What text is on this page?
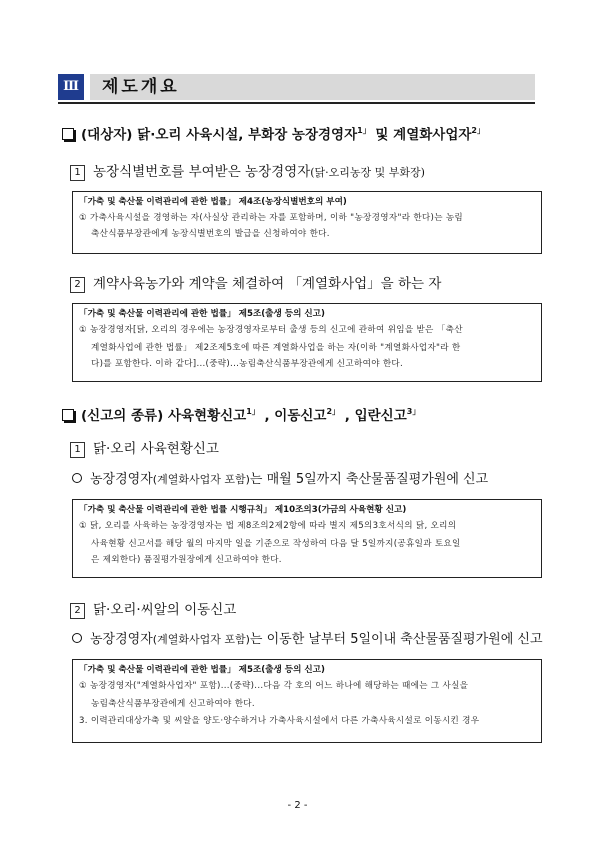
Ⅲ	제도개요
(대상자) 닭·오리 사육시설, 부화장 농장경영자$^{1」}$ 및 계열화사업자$^{2」}$
1 농장식별번호를 부여받은 농장경영자(닭·오리농장 및 부화장)
「가축 및 축산물 이력관리에 관한 법률」 제4조(농장식별번호의 부여)
① 가축사육시설을 경영하는 자(사실상 관리하는 자를 포함하며, 이하 "농장경영자"라 한다)는 농림
축산식품부장관에게 농장식별번호의 발급을 신청하여야 한다.
2 계약사육농가와 계약을 체결하여 「계열화사업」을 하는 자
「가축 및 축산물 이력관리에 관한 법률」 제5조(출생 등의 신고)
① 농장경영자[닭, 오리의 경우에는 농장경영자로부터 출생 등의 신고에 관하여 위임을 받은 「축산
계열화사업에 관한 법률」 제2조제5호에 따른 계열화사업을 하는 자(이하 "계열화사업자"라 한
다)를 포함한다. 이하 같다]...(중략)...농림축산식품부장관에게 신고하여야 한다.
(신고의 종류) 사육현황신고$^{1」}$ , 이동신고$^{2」}$ , 입란신고$^{3」}$
1 닭·오리 사육현황신고
농장경영자(계열화사업자 포함)는 매월 5일까지 축산물품질평가원에 신고
「가축 및 축산물 이력관리에 관한 법률 시행규칙」 제10조의3(가금의 사육현황 신고)
① 닭, 오리를 사육하는 농장경영자는 법 제8조의2제2항에 따라 별지 제5의3호서식의 닭, 오리의
사육현황 신고서를 해당 월의 마지막 일을 기준으로 작성하여 다음 달 5일까지(공휴일과 토요일
은 제외한다) 품질평가원장에게 신고하여야 한다.
2 닭·오리·씨알의 이동신고
농장경영자(계열화사업자 포함)는 이동한 날부터 5일이내 축산물품질평가원에 신고
「가축 및 축산물 이력관리에 관한 법률」 제5조(출생 등의 신고)
① 농장경영자("계열화사업자" 포함)...(중략)...다음 각 호의 어느 하나에 해당하는 때에는 그 사실을
농림축산식품부장관에게 신고하여야 한다.
3. 이력관리대상가축 및 씨알을 양도·양수하거나 가축사육시설에서 다른 가축사육시설로 이동시킨 경우
- 2 -
